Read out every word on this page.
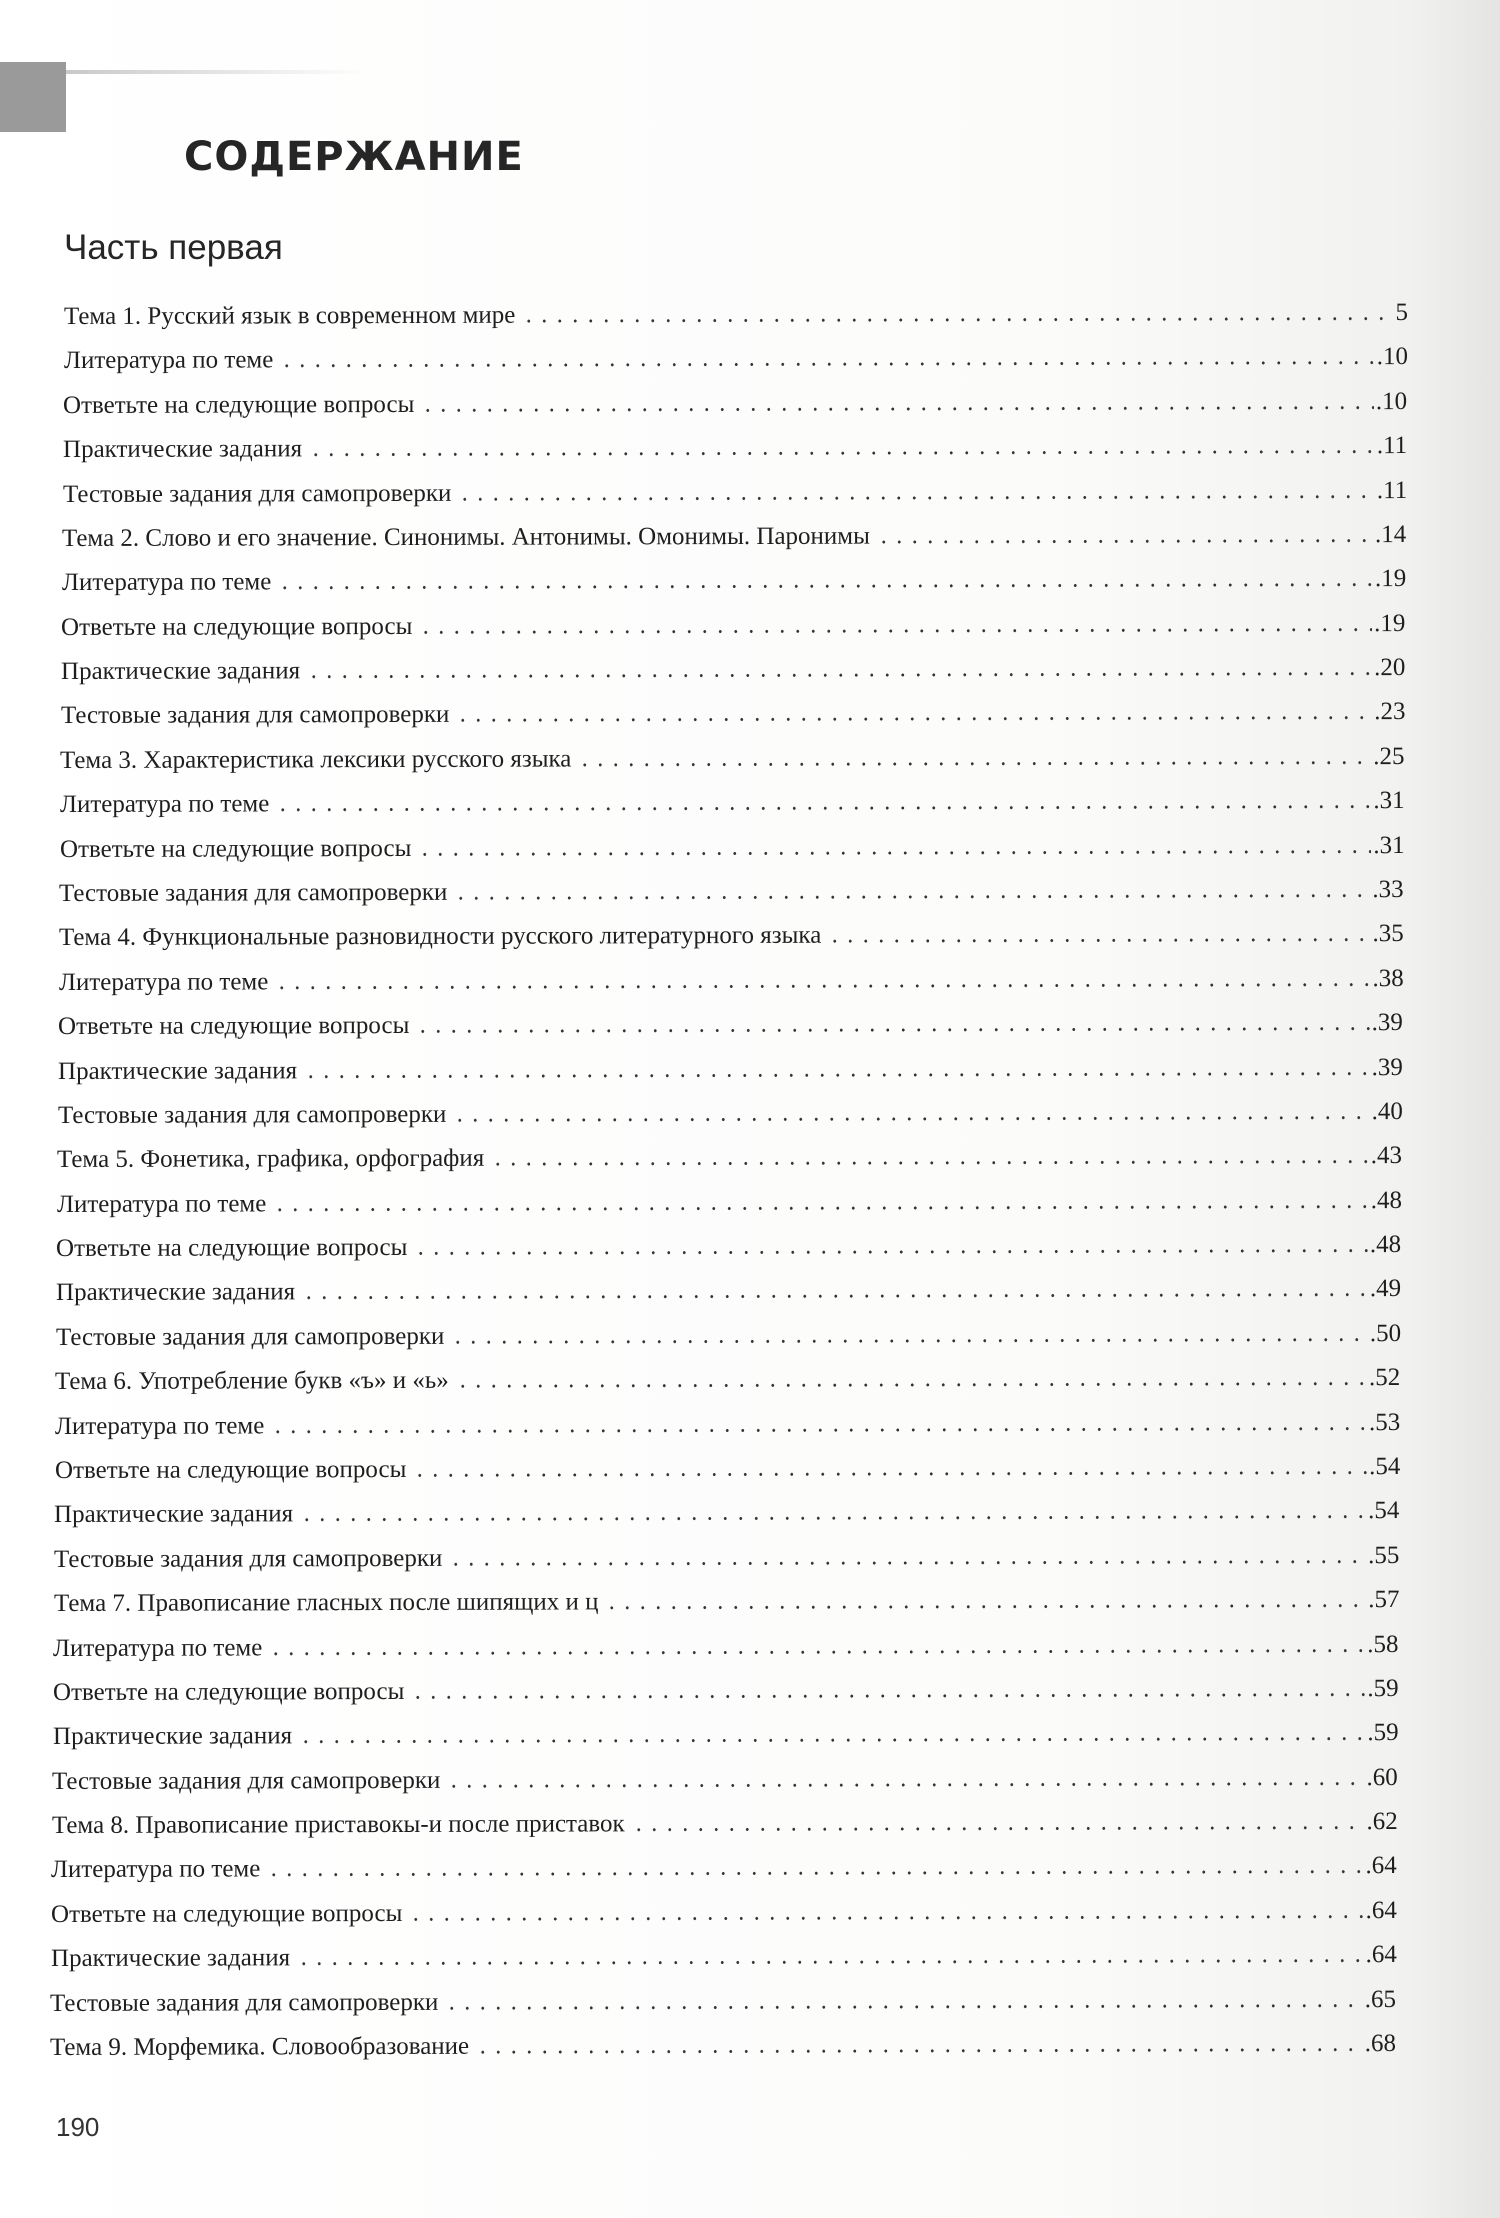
СОДЕРЖАНИЕ
Часть первая
Тема 1. Русский язык в современном мире	5
Литература по теме	.10
Ответьте на следующие вопросы	.10
Практические задания	.11
Тестовые задания для самопроверки	.11
Тема 2. Слово и его значение. Синонимы. Антонимы. Омонимы. Паронимы	.14
Литература по теме	.19
Ответьте на следующие вопросы	.19
Практические задания	.20
Тестовые задания для самопроверки	.23
Тема 3. Характеристика лексики русского языка	.25
Литература по теме	.31
Ответьте на следующие вопросы	.31
Тестовые задания для самопроверки	.33
Тема 4. Функциональные разновидности русского литературного языка	.35
Литература по теме	.38
Ответьте на следующие вопросы	.39
Практические задания	.39
Тестовые задания для самопроверки	.40
Тема 5. Фонетика, графика, орфография	.43
Литература по теме	.48
Ответьте на следующие вопросы	.48
Практические задания	.49
Тестовые задания для самопроверки	.50
Тема 6. Употребление букв «ъ» и «ь»	.52
Литература по теме	.53
Ответьте на следующие вопросы	.54
Практические задания	.54
Тестовые задания для самопроверки	.55
Тема 7. Правописание гласных после шипящих и ц	.57
Литература по теме	.58
Ответьте на следующие вопросы	.59
Практические задания	.59
Тестовые задания для самопроверки	.60
Тема 8. Правописание приставокы-и после приставок	.62
Литература по теме	.64
Ответьте на следующие вопросы	.64
Практические задания	.64
Тестовые задания для самопроверки	.65
Тема 9. Морфемика. Словообразование	.68
190
